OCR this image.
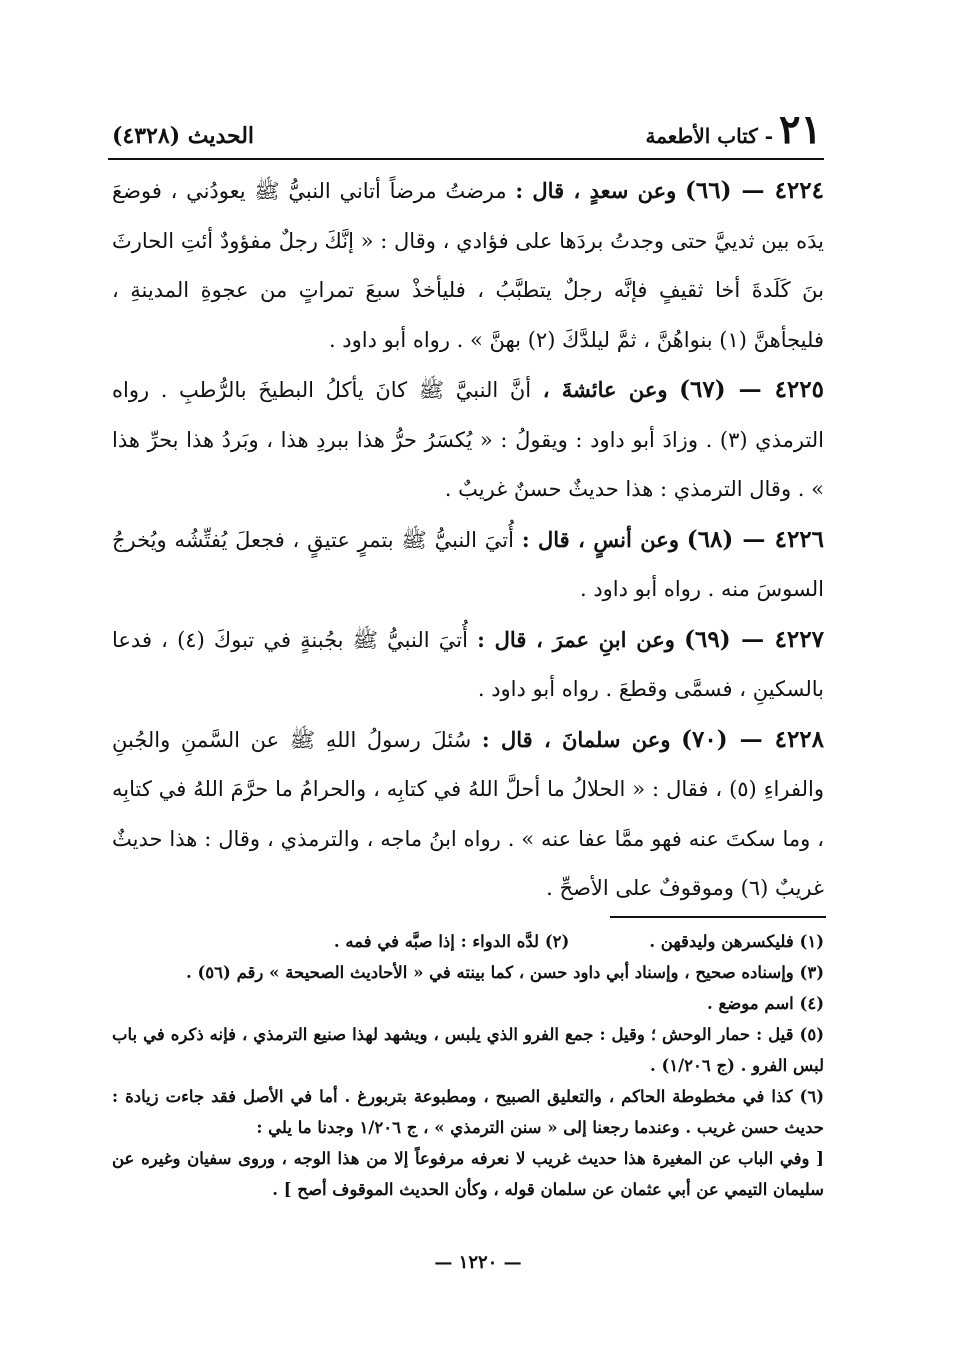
٢١
- كتاب الأطعمة
الحديث (٤٣٢٨)

٤٢٢٤ — (٦٦) وعن سعدٍ ، قال : مرضتُ مرضاً أتاني النبيُّ ﷺ يعودُني ، فوضعَ يدَه بين ثدييَّ حتى وجدتُ بردَها على فؤادي ، وقال : « إنَّكَ رجلٌ مفؤودٌ أئتِ الحارثَ بنَ كَلَدةَ أخا ثقيفٍ فإنَّه رجلٌ يتطبَّبُ ، فليأخذْ سبعَ تمراتٍ من عجوةِ المدينةِ ، فليجأهنَّ (١) بنواهُنَّ ، ثمَّ ليلدَّكَ (٢) بهنَّ » . رواه أبو داود .

٤٢٢٥ — (٦٧) وعن عائشةَ ، أنَّ النبيَّ ﷺ كانَ يأكلُ البطيخَ بالرُّطبِ . رواه الترمذي (٣) . وزادَ أبو داود : ويقولُ : « يُكسَرُ حرُّ هذا ببردِ هذا ، وبَردُ هذا بحرِّ هذا » . وقال الترمذي : هذا حديثٌ حسنٌ غريبٌ .

٤٢٢٦ — (٦٨) وعن أنسٍ ، قال : أُتيَ النبيُّ ﷺ بتمرٍ عتيقٍ ، فجعلَ يُفتِّشُه ويُخرجُ السوسَ منه . رواه أبو داود .

٤٢٢٧ — (٦٩) وعن ابنِ عمرَ ، قال : أُتيَ النبيُّ ﷺ بجُبنةٍ في تبوكَ (٤) ، فدعا بالسكينِ ، فسمَّى وقطعَ . رواه أبو داود .

٤٢٢٨ — (٧٠) وعن سلمانَ ، قال : سُئلَ رسولُ اللهِ ﷺ عن السَّمنِ والجُبنِ والفراءِ (٥) ، فقال : « الحلالُ ما أحلَّ اللهُ في كتابِه ، والحرامُ ما حرَّمَ اللهُ في كتابِه ، وما سكتَ عنه فهو ممَّا عفا عنه » . رواه ابنُ ماجه ، والترمذي ، وقال : هذا حديثٌ غريبٌ (٦) وموقوفٌ على الأصحِّ .

(١) فليكسرهن وليدقهن .
(٢) لدَّه الدواء : إذا صبَّه في فمه .

(٣) وإسناده صحيح ، وإسناد أبي داود حسن ، كما بينته في « الأحاديث الصحيحة » رقم (٥٦) .

(٤) اسم موضع .

(٥) قيل : حمار الوحش ؛ وقيل : جمع الفرو الذي يلبس ، ويشهد لهذا صنيع الترمذي ، فإنه ذكره في باب لبس الفرو . (ج ١/٢٠٦) .

(٦) كذا في مخطوطة الحاكم ، والتعليق الصبيح ، ومطبوعة بتربورغ . أما في الأصل فقد جاءت زيادة : حديث حسن غريب . وعندما رجعنا إلى « سنن الترمذي » ، ج ١/٢٠٦ وجدنا ما يلي :

[ وفي الباب عن المغيرة هذا حديث غريب لا نعرفه مرفوعاً إلا من هذا الوجه ، وروى سفيان وغيره عن سليمان التيمي عن أبي عثمان عن سلمان قوله ، وكأن الحديث الموقوف أصح ] .

— ١٢٢٠ —
